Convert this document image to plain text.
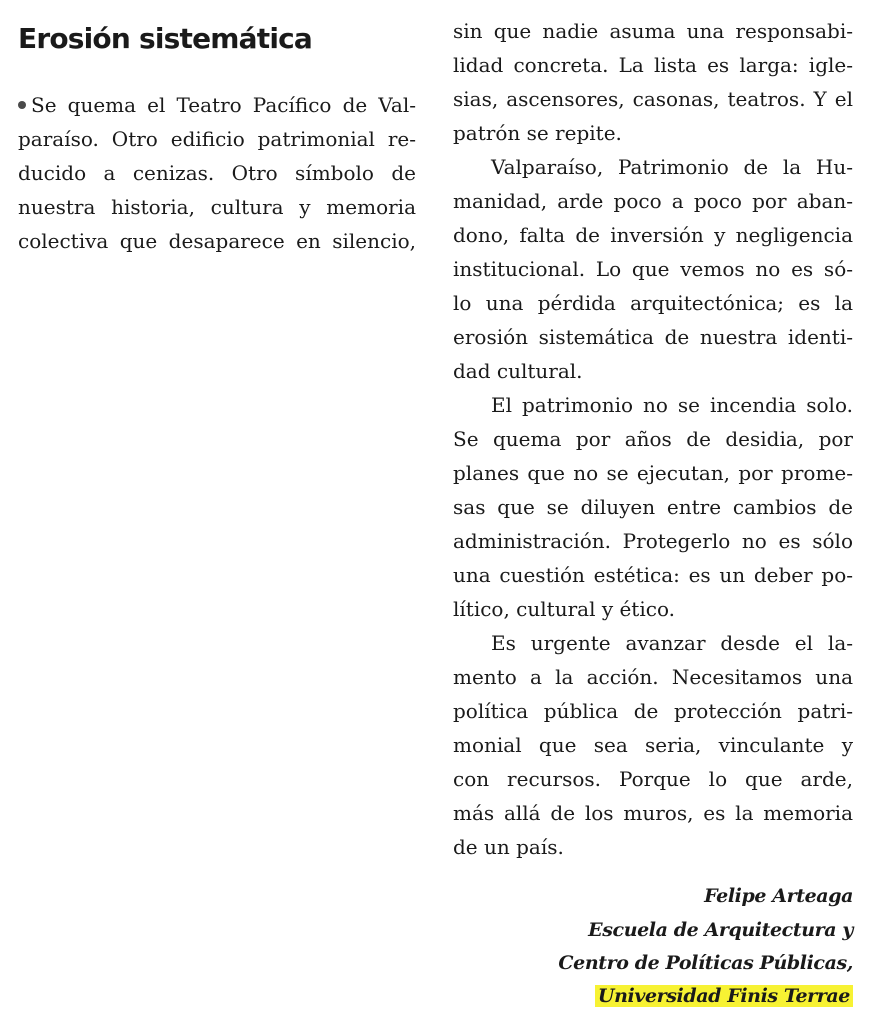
Erosión sistemática
Se quema el Teatro Pacífico de Val-
paraíso. Otro edificio patrimonial re-
ducido a cenizas. Otro símbolo de
nuestra historia, cultura y memoria
colectiva que desaparece en silencio,
sin que nadie asuma una responsabi-
lidad concreta. La lista es larga: igle-
sias, ascensores, casonas, teatros. Y el
patrón se repite.
Valparaíso, Patrimonio de la Hu-
manidad, arde poco a poco por aban-
dono, falta de inversión y negligencia
institucional. Lo que vemos no es só-
lo una pérdida arquitectónica; es la
erosión sistemática de nuestra identi-
dad cultural.
El patrimonio no se incendia solo.
Se quema por años de desidia, por
planes que no se ejecutan, por prome-
sas que se diluyen entre cambios de
administración. Protegerlo no es sólo
una cuestión estética: es un deber po-
lítico, cultural y ético.
Es urgente avanzar desde el la-
mento a la acción. Necesitamos una
política pública de protección patri-
monial que sea seria, vinculante y
con recursos. Porque lo que arde,
más allá de los muros, es la memoria
de un país.
Felipe Arteaga
Escuela de Arquitectura y
Centro de Políticas Públicas,
Universidad Finis Terrae
